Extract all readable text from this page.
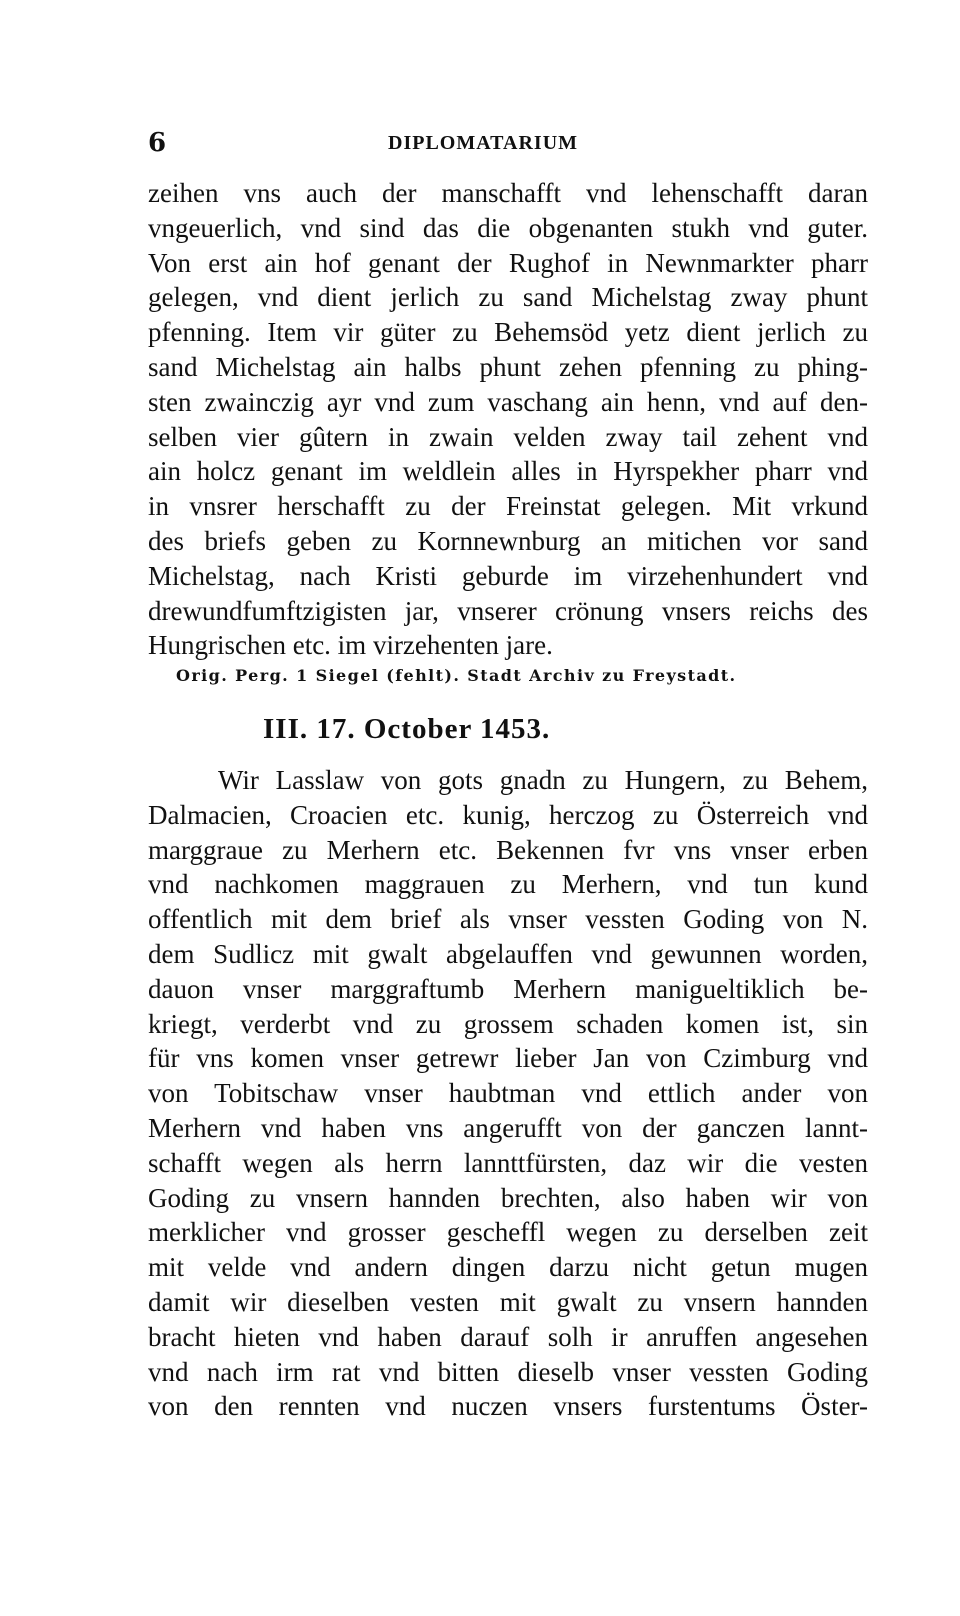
6	DIPLOMATARIUM
zeihen vns auch der manschafft vnd lehenschafft daran
vngeuerlich, vnd sind das die obgenanten stukh vnd guter.
Von erst ain hof genant der Rughof in Newnmarkter pharr
gelegen, vnd dient jerlich zu sand Michelstag zway phunt
pfenning. Item vir güter zu Behemsöd yetz dient jerlich zu
sand Michelstag ain halbs phunt zehen pfenning zu phing-
sten zwainczig ayr vnd zum vaschang ain henn, vnd auf den-
selben vier gûtern in zwain velden zway tail zehent vnd
ain holcz genant im weldlein alles in Hyrspekher pharr vnd
in vnsrer herschafft zu der Freinstat gelegen. Mit vrkund
des briefs geben zu Kornnewnburg an mitichen vor sand
Michelstag, nach Kristi geburde im virzehenhundert vnd
drewundfumftzigisten jar, vnserer crönung vnsers reichs des
Hungrischen etc. im virzehenten jare.
Orig. Perg. 1 Siegel (fehlt). Stadt Archiv zu Freystadt.
III. 17. October 1453.
Wir Lasslaw von gots gnadn zu Hungern, zu Behem,
Dalmacien, Croacien etc. kunig, herczog zu Österreich vnd
marggraue zu Merhern etc. Bekennen fvr vns vnser erben
vnd nachkomen maggrauen zu Merhern, vnd tun kund
offentlich mit dem brief als vnser vessten Goding von N.
dem Sudlicz mit gwalt abgelauffen vnd gewunnen worden,
dauon vnser marggraftumb Merhern manigueltiklich be-
kriegt, verderbt vnd zu grossem schaden komen ist, sin
für vns komen vnser getrewr lieber Jan von Czimburg vnd
von Tobitschaw vnser haubtman vnd ettlich ander von
Merhern vnd haben vns angerufft von der ganczen lannt-
schafft wegen als herrn lannttfürsten, daz wir die vesten
Goding zu vnsern hannden brechten, also haben wir von
merklicher vnd grosser gescheffl wegen zu derselben zeit
mit velde vnd andern dingen darzu nicht getun mugen
damit wir dieselben vesten mit gwalt zu vnsern hannden
bracht hieten vnd haben darauf solh ir anruffen angesehen
vnd nach irm rat vnd bitten dieselb vnser vessten Goding
von den rennten vnd nuczen vnsers furstentums Öster-
